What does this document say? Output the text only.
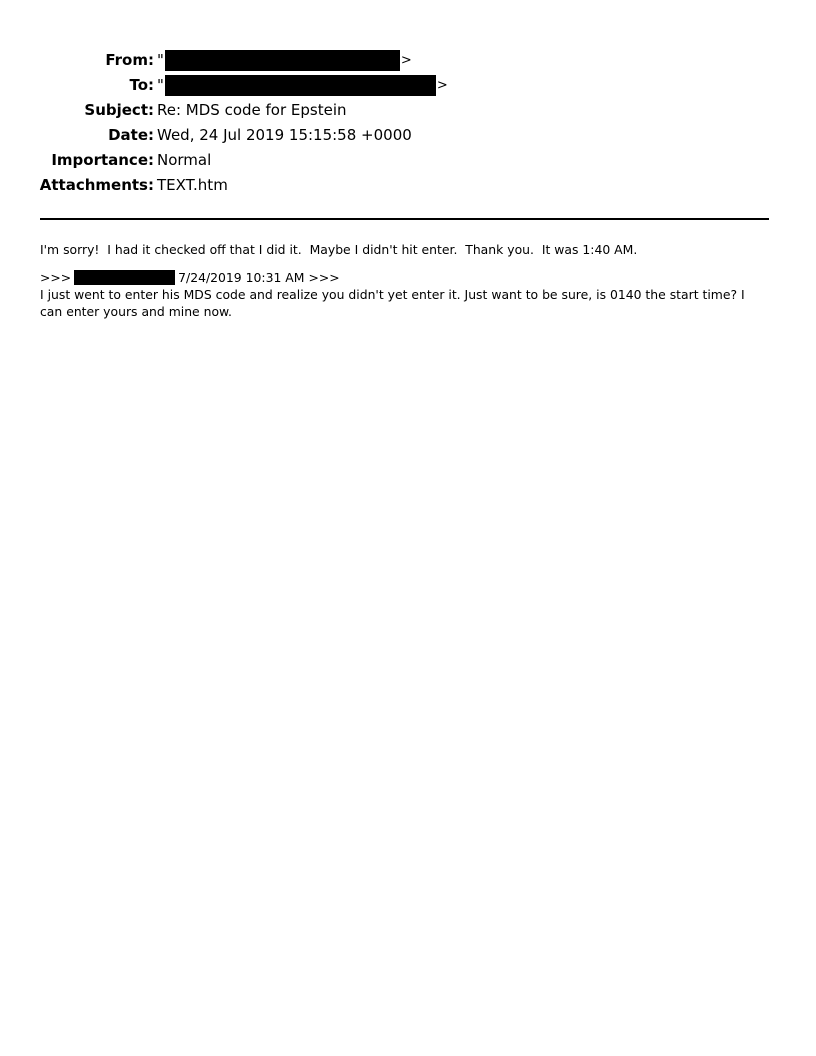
From: "	>
To: "	>
Subject: Re: MDS code for Epstein
Date: Wed, 24 Jul 2019 15:15:58 +0000
Importance: Normal
Attachments: TEXT.htm

I'm sorry!  I had it checked off that I did it.  Maybe I didn't hit enter.  Thank you.  It was 1:40 AM.

>>>	7/24/2019 10:31 AM >>>

I just went to enter his MDS code and realize you didn't yet enter it. Just want to be sure, is 0140 the start time? I can enter yours and mine now.
